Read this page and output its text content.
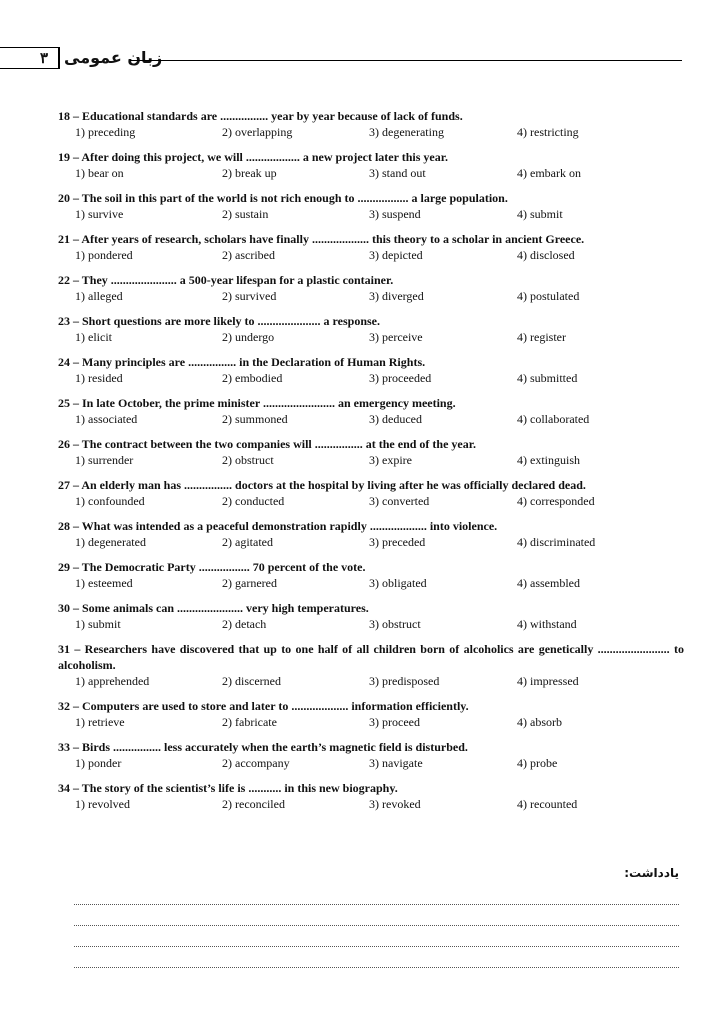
۳ زبان عمومی
18 – Educational standards are ................ year by year because of lack of funds.
1) preceding	2) overlapping	3) degenerating	4) restricting
19 – After doing this project, we will .................. a new project later this year.
1) bear on	2) break up	3) stand out	4) embark on
20 – The soil in this part of the world is not rich enough to ................. a large population.
1) survive	2) sustain	3) suspend	4) submit
21 – After years of research, scholars have finally ................... this theory to a scholar in ancient Greece.
1) pondered	2) ascribed	3) depicted	4) disclosed
22 – They ...................... a 500-year lifespan for a plastic container.
1) alleged	2) survived	3) diverged	4) postulated
23 – Short questions are more likely to ..................... a response.
1) elicit	2) undergo	3) perceive	4) register
24 – Many principles are ................ in the Declaration of Human Rights.
1) resided	2) embodied	3) proceeded	4) submitted
25 – In late October, the prime minister ........................ an emergency meeting.
1) associated	2) summoned	3) deduced	4) collaborated
26 – The contract between the two companies will ................ at the end of the year.
1) surrender	2) obstruct	3) expire	4) extinguish
27 – An elderly man has ................ doctors at the hospital by living after he was officially declared dead.
1) confounded	2) conducted	3) converted	4) corresponded
28 – What was intended as a peaceful demonstration rapidly ................... into violence.
1) degenerated	2) agitated	3) preceded	4) discriminated
29 – The Democratic Party ................. 70 percent of the vote.
1) esteemed	2) garnered	3) obligated	4) assembled
30 – Some animals can ...................... very high temperatures.
1) submit	2) detach	3) obstruct	4) withstand
31 – Researchers have discovered that up to one half of all children born of alcoholics are genetically ........................ to alcoholism.
1) apprehended	2) discerned	3) predisposed	4) impressed
32 – Computers are used to store and later to ................... information efficiently.
1) retrieve	2) fabricate	3) proceed	4) absorb
33 – Birds ................ less accurately when the earth’s magnetic field is disturbed.
1) ponder	2) accompany	3) navigate	4) probe
34 – The story of the scientist’s life is ........... in this new biography.
1) revolved	2) reconciled	3) revoked	4) recounted
یادداشت:
